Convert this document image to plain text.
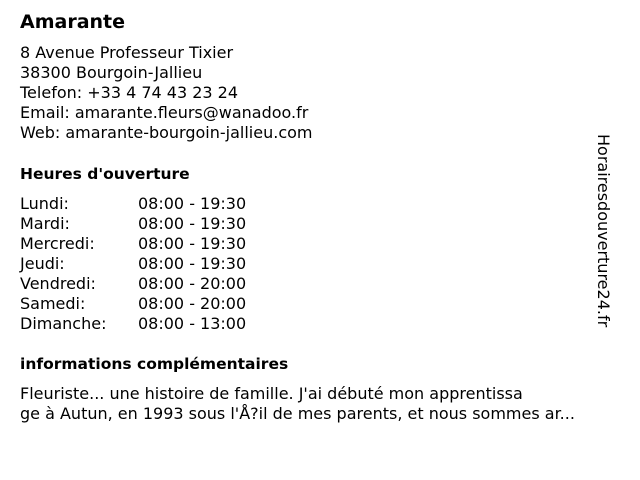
Amarante
8 Avenue Professeur Tixier
38300 Bourgoin-Jallieu
Telefon: +33 4 74 43 23 24
Email: amarante.fleurs@wanadoo.fr
Web: amarante-bourgoin-jallieu.com
Heures d'ouverture
Lundi:	08:00 - 19:30
Mardi:	08:00 - 19:30
Mercredi:	08:00 - 19:30
Jeudi:	08:00 - 19:30
Vendredi:	08:00 - 20:00
Samedi:	08:00 - 20:00
Dimanche: 08:00 - 13:00
informations complémentaires
Fleuriste... une histoire de famille. J'ai débuté mon apprentissa
ge à Autun, en 1993 sous l'Å?il de mes parents, et nous sommes ar...
Horairesdouverture24.fr
